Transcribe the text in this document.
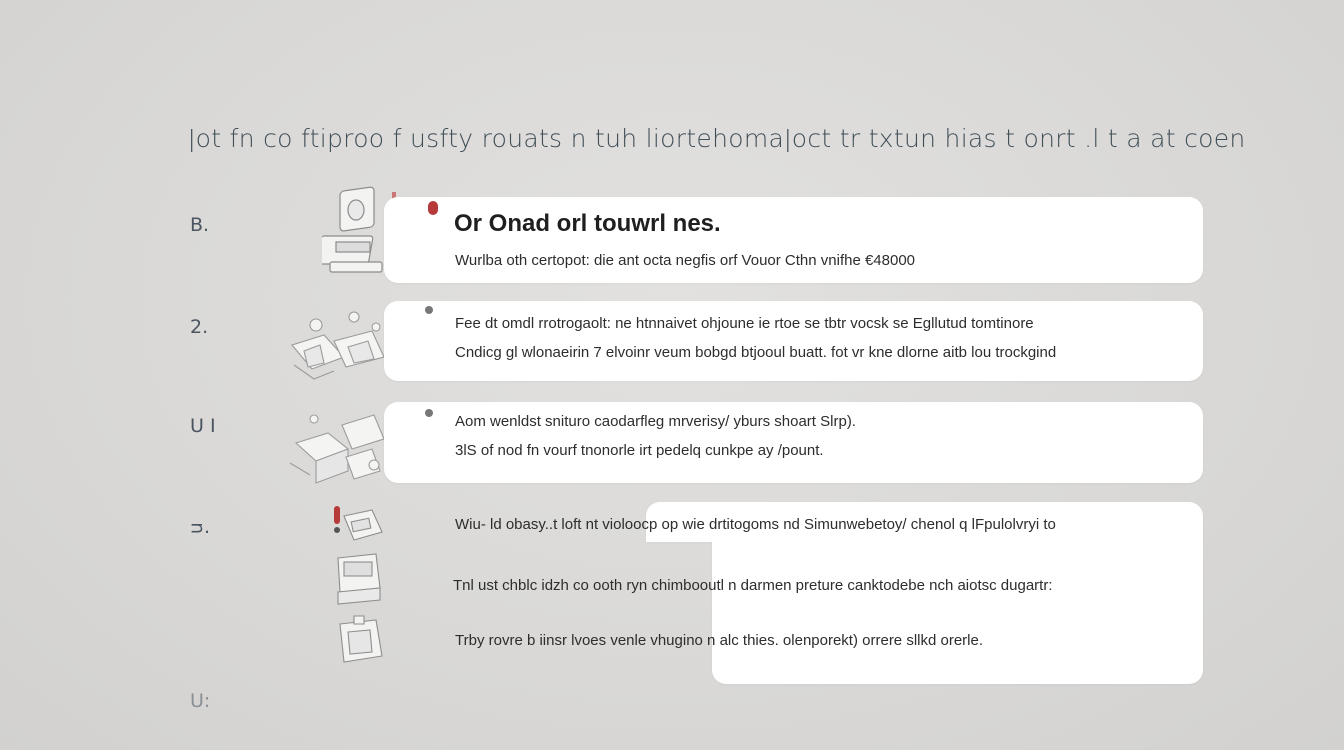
ǀot fn co ftiproo f usfty rouats n tuh liortehomaǀoct tr txtun hias t onrt .l t a at coen
B.
2.
U I
ᴝ.
U:
Or Onad orl touwrl nes.
Wurlba oth certopot: die ant octa negfis orf Vouor Cthn vnifhe €48000
Fee dt omdl rrotrogaolt: ne htnnaivet ohjoune ie rtoe se tbtr vocsk se Egllutud tomtinore
Cndicg gl wlonaeirin 7 elvoinr veum bobgd btjooul buatt. fot vr kne dlorne aitb lou trockgind
Aom wenldst snituro caodarfleg mrverisy/ yburs shoart Slrp).
3lS of nod fn vourf tnonorle irt pedelq cunkpe ay /pount.
Wiu- ld obasy..t loft nt violoocp op wie drtitogoms nd Simunwebetoy/ chenol q lFpulolvryi to
Tnl ust chblc idzh co ooth ryn chimbooutl n darmen preture canktodebe nch aiotsc dugartr:
Trby rovre b iinsr lvoes venle vhugino n alc thies. olenporekt) orrere sllkd orerle.
